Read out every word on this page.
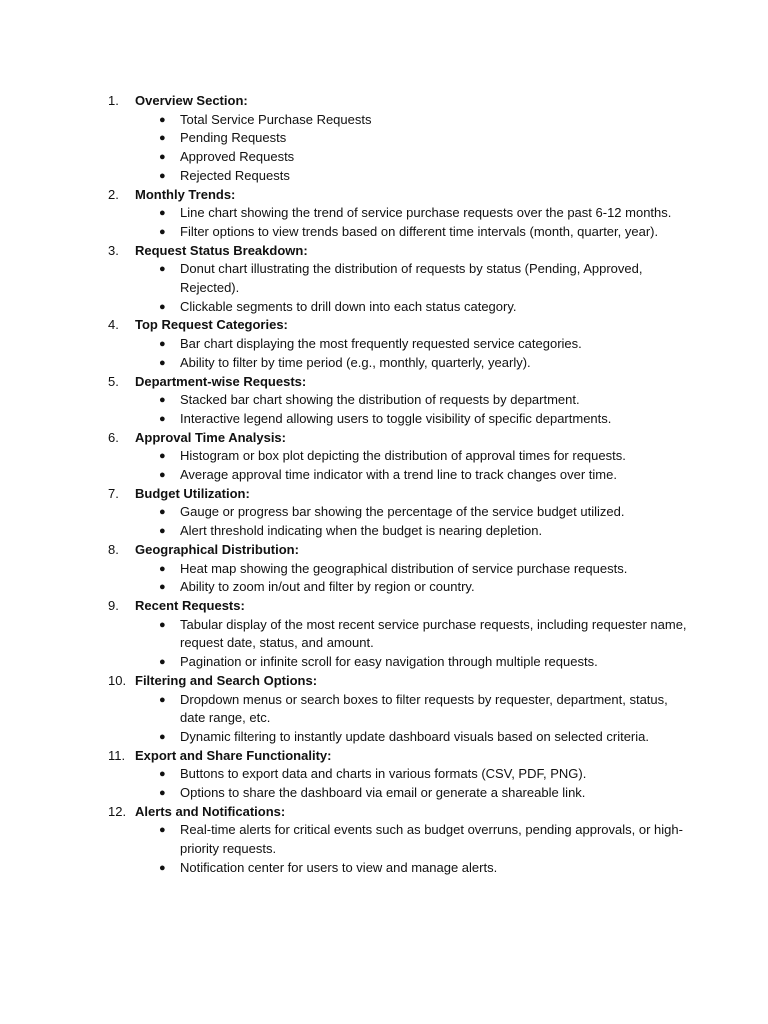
1.	Overview Section:
● Total Service Purchase Requests
● Pending Requests
● Approved Requests
● Rejected Requests
2.	Monthly Trends:
● Line chart showing the trend of service purchase requests over the past 6-12 months.
● Filter options to view trends based on different time intervals (month, quarter, year).
3.	Request Status Breakdown:
● Donut chart illustrating the distribution of requests by status (Pending, Approved, Rejected).
● Clickable segments to drill down into each status category.
4.	Top Request Categories:
● Bar chart displaying the most frequently requested service categories.
● Ability to filter by time period (e.g., monthly, quarterly, yearly).
5.	Department-wise Requests:
● Stacked bar chart showing the distribution of requests by department.
● Interactive legend allowing users to toggle visibility of specific departments.
6.	Approval Time Analysis:
● Histogram or box plot depicting the distribution of approval times for requests.
● Average approval time indicator with a trend line to track changes over time.
7.	Budget Utilization:
● Gauge or progress bar showing the percentage of the service budget utilized.
● Alert threshold indicating when the budget is nearing depletion.
8.	Geographical Distribution:
● Heat map showing the geographical distribution of service purchase requests.
● Ability to zoom in/out and filter by region or country.
9.	Recent Requests:
● Tabular display of the most recent service purchase requests, including requester name, request date, status, and amount.
● Pagination or infinite scroll for easy navigation through multiple requests.
10. Filtering and Search Options:
● Dropdown menus or search boxes to filter requests by requester, department, status, date range, etc.
● Dynamic filtering to instantly update dashboard visuals based on selected criteria.
11. Export and Share Functionality:
● Buttons to export data and charts in various formats (CSV, PDF, PNG).
● Options to share the dashboard via email or generate a shareable link.
12. Alerts and Notifications:
● Real-time alerts for critical events such as budget overruns, pending approvals, or high-priority requests.
● Notification center for users to view and manage alerts.
